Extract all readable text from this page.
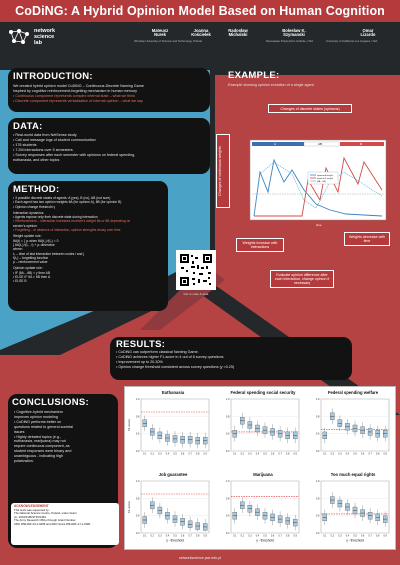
CoDiNG: A Hybrid Opinion Model Based on Human Cognition
network
science
lab
Mateusz
Nurek
Wroclaw University of Science and Technology, Poland
Joanna
Kościelek
Radosław
Michalski
Bolesław K.
Szymanski
Rensselaer Polytechnic Institute, USA
Omar
Lizardo
University of California Los Angeles, USA
INTRODUCTION:
We created hybrid opinion model CoDiNG – Continuous-Discrete Naming Game
inspired by cognitive reinforcement-forgetting mechanism in human memory
• Continuous component represents complex internal state – what we think
• Discrete component represents verbalization of internal opinion – what we say
DATA:
• Real-world data from NetSense study
• Call and message logs of student communication
• 178 students
• 7.2M interactions over 5 semesters
• Survey responses after each semester with opinions on federal spending,
euthanasia, and other topics
METHOD:
• 3 possible discrete states of agents: A (yes), B (no), AB (not sure)
• Each agent has two opinion weights θA (for opinion A), θB (for opinion B)
• Opinion change threshold γ
Interaction dynamics:
• Agents expose only their discrete state during interaction
• Reinforcement – interaction increases receiver's weight θA or θB depending on
sender's opinion
• Forgetting – in absence of interaction, opinion strengths decay over time
Weight update rule:
θA(t) = { ρᵢ when θA(t₀) f(t₀) = 0
{ θA(t₀) f(t₀ , t) + ρᵢ otherwise
where:
t₀ – time of last interaction between nodes i and j
f(t₀) – forgetting function
ρ – reinforcement value
Opinion update rule:
• IF |θA – θB| < γ then AB
• ELSE IF θA > θB then A
• ELSE B
EXAMPLE:
Example showing opinion evolution of a single agent
A	AB	B
opinion A weight
opinion B weight
|θA – θB|
time
Changes of discrete states (opinions)
Changes of continuous weights
Weights increase with interactions
Weights decrease with time
Evaluate opinion difference after each interaction, change opinion if necessary
link to code & data
RESULTS:
• CoDiNG can outperform classical Naming Game.
• CoDiNG achieves higher F1-score in 4 out of 6 survey questions
• Improvement up to 20-30%
• Opinion change threshold consistent across survey questions (γ ≈0.25)
CONCLUSIONS:
• Cognitive-hybrid mechanism
improves opinion modeling
• CoDiNG performs better on
questions related to general societal
issues
• Highly debated topics (e.g.,
euthanasia, marijuana) may not
require continuous component, as
student responses were binary and
unambiguous - indicating high
polarization.
ACKNOWLEDGEMENT
This work was supported by:
The National Science Centre, Poland, under Grant
no. 2016/21/B/ST6/01463
The Army Research Office through Grant Number
ARO W911NF-23-1-0295 and ARO Grant W911NF-17-1-0481
Euthanasia
0.4
0.6
0.8
1.0
0.1 0.2 0.3 0.4 0.5 0.6 0.7 0.8 0.9
F1-score
Federal spending social security
0.4
0.6
0.8
1.0
0.1 0.2 0.3 0.4 0.5 0.6 0.7 0.8 0.9
Federal spending welfare
0.4
0.6
0.8
1.0
0.1 0.2 0.3 0.4 0.5 0.6 0.7 0.8 0.9
Job guarantee
0.4
0.6
0.8
1.0
0.1 0.2 0.3 0.4 0.5 0.6 0.7 0.8 0.9
F1-score
γ - threshold
Marijuana
0.4
0.6
0.8
1.0
0.1 0.2 0.3 0.4 0.5 0.6 0.7 0.8 0.9
γ - threshold
Too much equal rights
0.4
0.6
0.8
1.0
0.1 0.2 0.3 0.4 0.5 0.6 0.7 0.8 0.9
γ - threshold
networkscience.pwr.edu.pl
